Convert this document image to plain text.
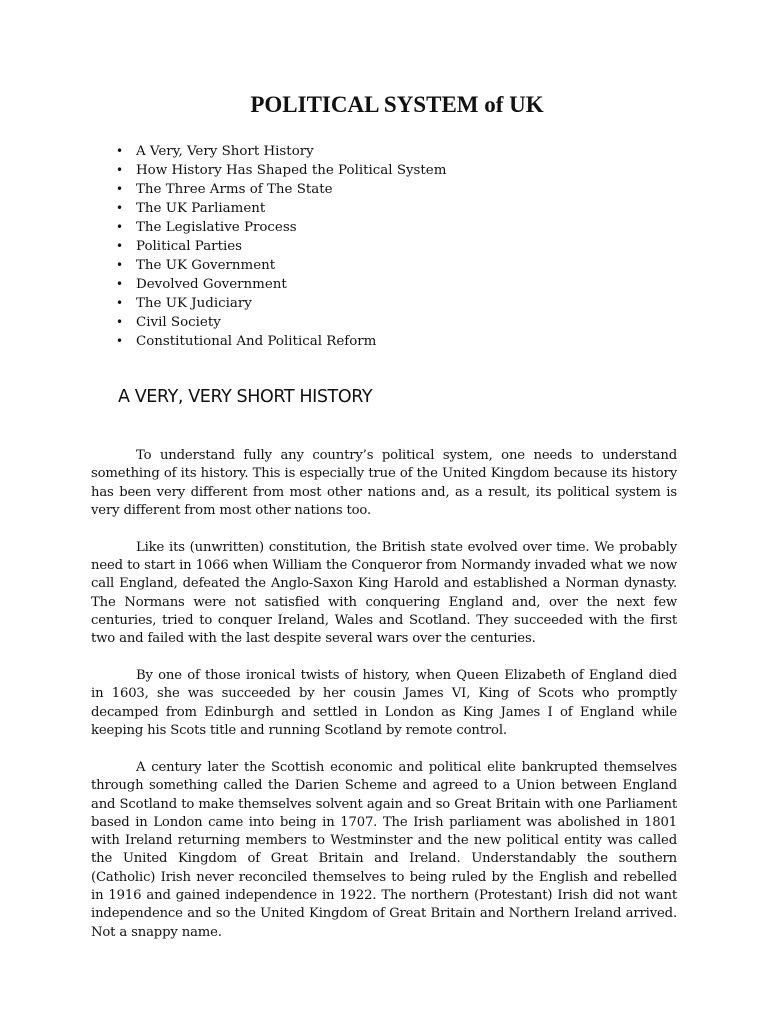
POLITICAL SYSTEM of UK
• A Very, Very Short History
• How History Has Shaped the Political System
• The Three Arms of The State
• The UK Parliament
• The Legislative Process
• Political Parties
• The UK Government
• Devolved Government
• The UK Judiciary
• Civil Society
• Constitutional And Political Reform
A VERY, VERY SHORT HISTORY

To understand fully any country’s political system, one needs to understand something of its history. This is especially true of the United Kingdom because its history has been very different from most other nations and, as a result, its political system is very different from most other nations too.

Like its (unwritten) constitution, the British state evolved over time. We probably need to start in 1066 when William the Conqueror from Normandy invaded what we now call England, defeated the Anglo-Saxon King Harold and established a Norman dynasty. The Normans were not satisfied with conquering England and, over the next few centuries, tried to conquer Ireland, Wales and Scotland. They succeeded with the first two and failed with the last despite several wars over the centuries.

By one of those ironical twists of history, when Queen Elizabeth of England died in 1603, she was succeeded by her cousin James VI, King of Scots who promptly decamped from Edinburgh and settled in London as King James I of England while keeping his Scots title and running Scotland by remote control.

A century later the Scottish economic and political elite bankrupted themselves through something called the Darien Scheme and agreed to a Union between England and Scotland to make themselves solvent again and so Great Britain with one Parliament based in London came into being in 1707. The Irish parliament was abolished in 1801 with Ireland returning members to Westminster and the new political entity was called the United Kingdom of Great Britain and Ireland. Understandably the southern (Catholic) Irish never reconciled themselves to being ruled by the English and rebelled in 1916 and gained independence in 1922. The northern (Protestant) Irish did not want independence and so the United Kingdom of Great Britain and Northern Ireland arrived. Not a snappy name.
